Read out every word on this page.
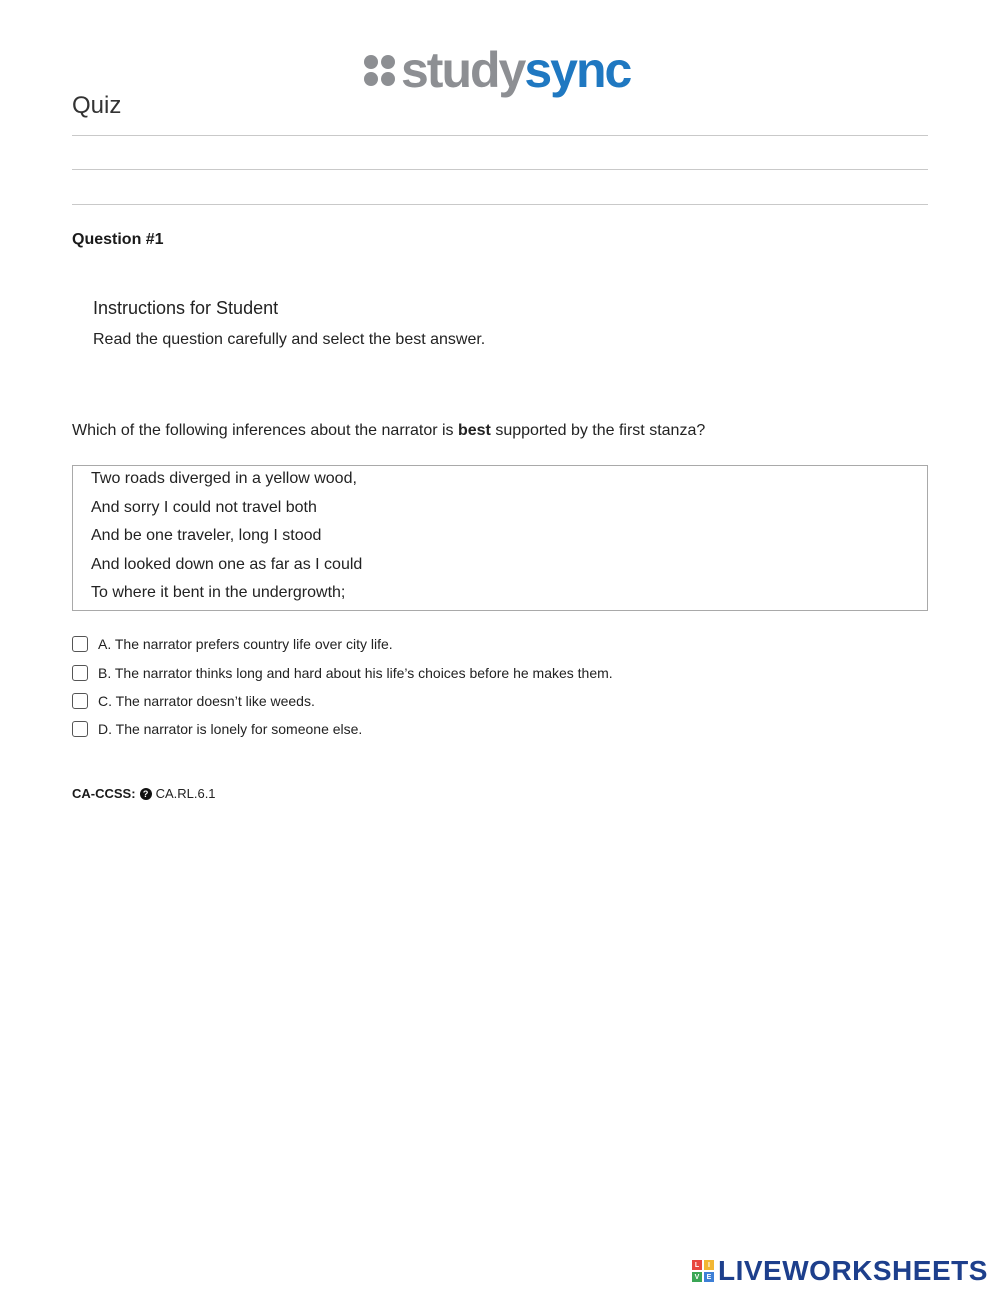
studysync
Quiz
Question #1
Instructions for Student
Read the question carefully and select the best answer.
Which of the following inferences about the narrator is best supported by the first stanza?
Two roads diverged in a yellow wood,
And sorry I could not travel both
And be one traveler, long I stood
And looked down one as far as I could
To where it bent in the undergrowth;
A. The narrator prefers country life over city life.
B. The narrator thinks long and hard about his life’s choices before he makes them.
C. The narrator doesn’t like weeds.
D. The narrator is lonely for someone else.
CA-CCSS: ? CA.RL.6.1
L	I
V	E LIVEWORKSHEETS
